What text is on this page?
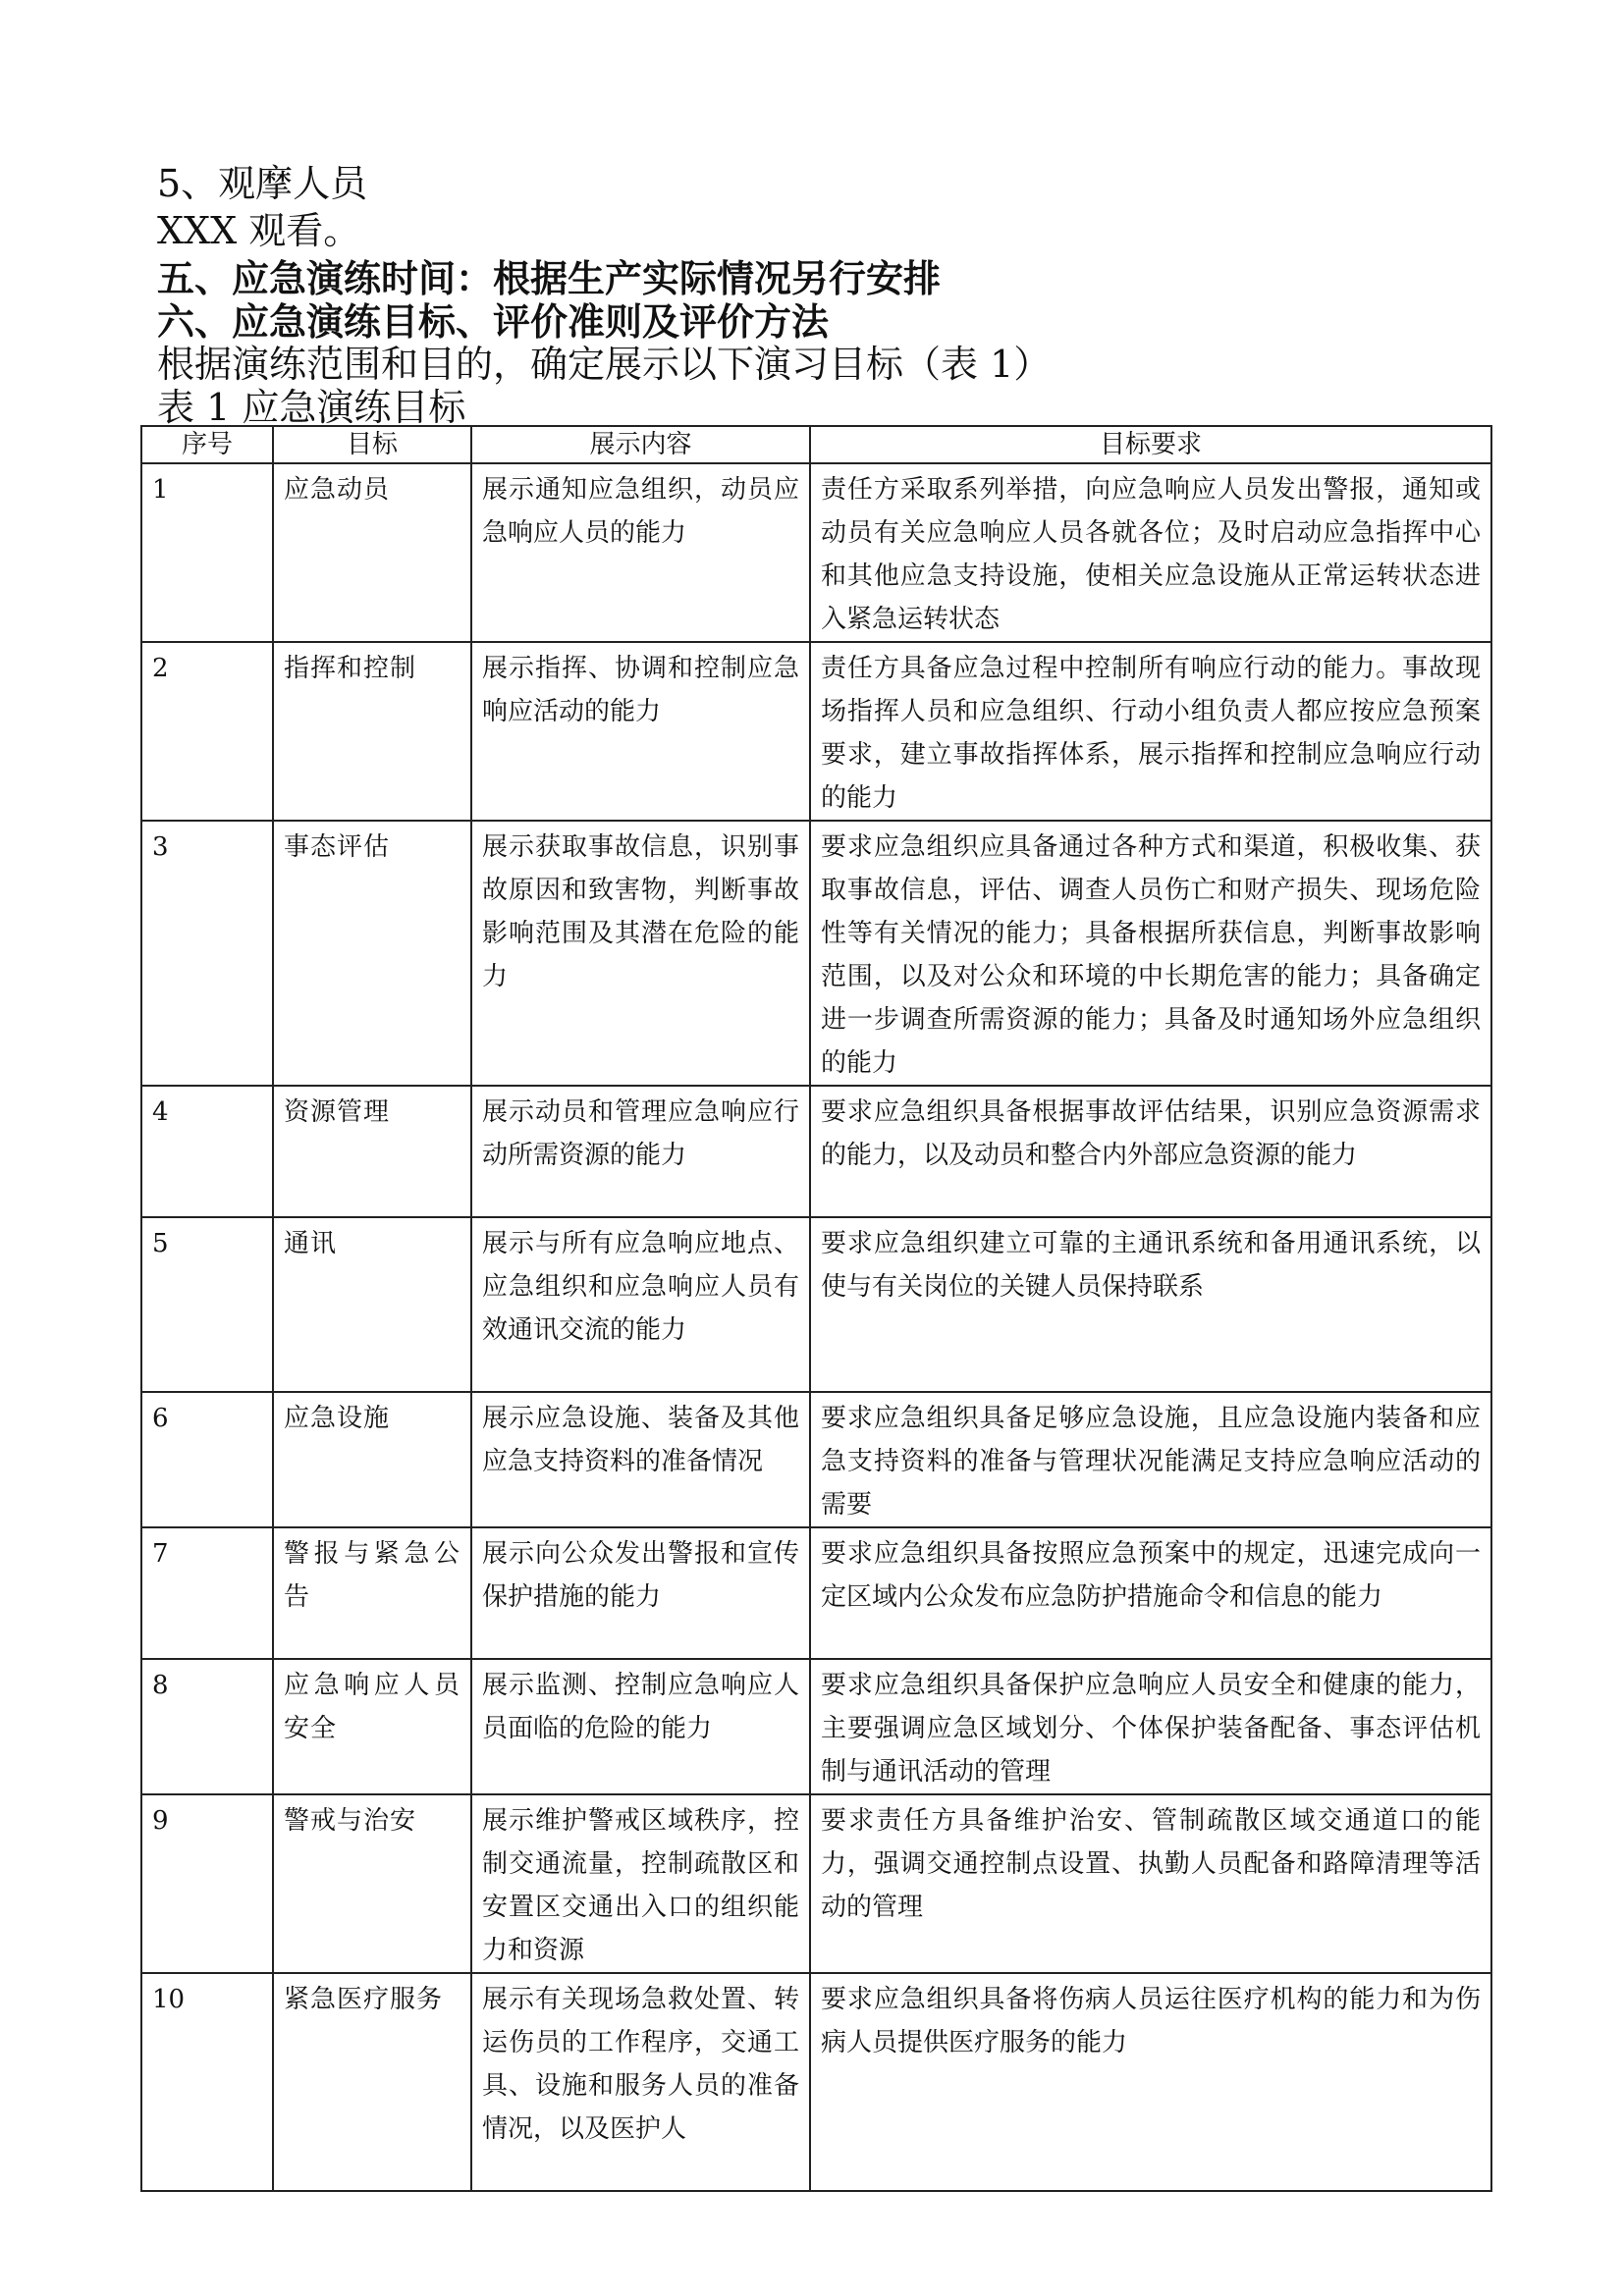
5、观摩人员
XXX 观看。
五、应急演练时间：根据生产实际情况另行安排
六、应急演练目标、评价准则及评价方法
根据演练范围和目的，确定展示以下演习目标（表 1）
表 1 应急演练目标
序号	目标	展示内容	目标要求
1	应急动员	展示通知应急组织，动员应急响应人员的能力	责任方采取系列举措，向应急响应人员发出警报，通知或动员有关应急响应人员各就各位；及时启动应急指挥中心和其他应急支持设施，使相关应急设施从正常运转状态进入紧急运转状态
2	指挥和控制	展示指挥、协调和控制应急响应活动的能力	责任方具备应急过程中控制所有响应行动的能力。事故现场指挥人员和应急组织、行动小组负责人都应按应急预案要求，建立事故指挥体系，展示指挥和控制应急响应行动的能力
3	事态评估	展示获取事故信息，识别事故原因和致害物，判断事故影响范围及其潜在危险的能力	要求应急组织应具备通过各种方式和渠道，积极收集、获取事故信息，评估、调查人员伤亡和财产损失、现场危险性等有关情况的能力；具备根据所获信息，判断事故影响范围，以及对公众和环境的中长期危害的能力；具备确定进一步调查所需资源的能力；具备及时通知场外应急组织的能力
4	资源管理	展示动员和管理应急响应行动所需资源的能力	要求应急组织具备根据事故评估结果，识别应急资源需求的能力，以及动员和整合内外部应急资源的能力
5	通讯	展示与所有应急响应地点、应急组织和应急响应人员有效通讯交流的能力	要求应急组织建立可靠的主通讯系统和备用通讯系统，以使与有关岗位的关键人员保持联系
6	应急设施	展示应急设施、装备及其他应急支持资料的准备情况	要求应急组织具备足够应急设施，且应急设施内装备和应急支持资料的准备与管理状况能满足支持应急响应活动的需要
7	警报与紧急公告	展示向公众发出警报和宣传保护措施的能力	要求应急组织具备按照应急预案中的规定，迅速完成向一定区域内公众发布应急防护措施命令和信息的能力
8	应急响应人员安全	展示监测、控制应急响应人员面临的危险的能力	要求应急组织具备保护应急响应人员安全和健康的能力，主要强调应急区域划分、个体保护装备配备、事态评估机制与通讯活动的管理
9	警戒与治安	展示维护警戒区域秩序，控制交通流量，控制疏散区和安置区交通出入口的组织能力和资源	要求责任方具备维护治安、管制疏散区域交通道口的能力，强调交通控制点设置、执勤人员配备和路障清理等活动的管理
10	紧急医疗服务	展示有关现场急救处置、转运伤员的工作程序，交通工具、设施和服务人员的准备情况，以及医护人	要求应急组织具备将伤病人员运往医疗机构的能力和为伤病人员提供医疗服务的能力
